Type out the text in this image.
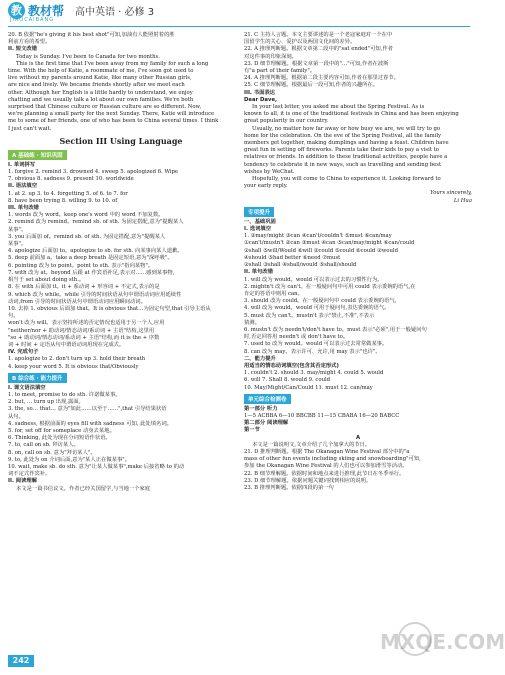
教 教材帮 高中英语 · 必修 3
JIAOCAIBANG
20. B 依据"he's giving it his best shot"可知,加油有人能照射着的胜
利前方看的希望。
II. 短文改错
Today is Sunday. I've been to Canada for two months.
This is the first time that I've been away from my family for such a long
time. With the help of Katie, a roommate of me, I've soon got used to
live without my parents around Katie, like many other Russian girls,
are nice and lively. We became friends shortly after we meet each
other. Although her English is a little hardly to understand, we enjoy
chatting and we usually talk a lot about our own families. We're both
surprised that Chinese culture or Russian culture are so different. Now,
we're planning a small party for the next Sunday. There, Katie will introduce
me to some of her friends, one of who has been to China several times. I think
I just can't wait.
Section III Using Language
A 基础练 · 知识巩固
I. 单词拼写
1. forgive 2. remind 3. drowned 4. sweep 5. apologized 6. Wipe
7. obvious 8. sadness 9. present 10. worldwide
II. 语法填空
1. at 2. up 3. to 4. forgetting 5. of 6. to 7. for
8. have been trying 8. willing 9. to 10. of
III. 单句改错
1. words 改为 word。keep one's word 中的 word 不加复数。
2. remind 改为 remind。remind sb. of sth. 为固定搭配,意为"提醒某人
某事"。
3. you 后面加 of。remind sb. of sth. 为固定搭配,意为"提醒某人
某事"。
4. apologize 后面加 to。apologize to sb. for sth. 向某事向某人道歉。
5. deep 前面加 a。take a deep breath 是固定短语,意为"深呼吸"。
6. pointing 改为 to point。point to sth. 表示"指向某物"。
7. with 改为 at。beyond 后跟 at 作宾语补足,表示对……感到某事物,
相当于 set about doing sth.。
8. 在 with 后面加 it。it + 系动词 + 形容词 + 不定式,表示的是
9. which 改为 while。while 引导的时间状语从句中谓语动词应用延续性
动词,from 引导的时间状语从句中谓语动词应用瞬间动词。
10. 去掉 1. obvious 后面加 that。It is obvious that…为固定句型,that 引导主语从
句。
won't 改为 will。表示坚持所述的否定情况也适用于另一个人,应用
"neither/nor + 助动词/情态动词/系动词 + 主语"结构,这里用
"so + 助动词/情态动词/系动词 + 主语"结构,而 it is the + 序数
词 + 时间 + 定语从句中谓语动词用现在完成式。
IV. 完成句子
1. apologize to 2. don't turn up 3. hold their breath
4. keep your word 5. It is obvious that/Obviously
B 综合练 · 能力提升
I. 课文语法填空
1. to meet, promise to do sth. 许诺做某事。
2. but, … turn up 出现,露面。
3. the, so… that… 意为"如此……以至于……",that 引导结果状语
从句。
4. sadness, 根据前面的 eyes fill with sadness 可知, 此处填名词。
5. for, set off for someplace 动身去某地。
6. Thinking, 此处为现在分词短语作状语。
7. to, call on sb. 拜访某人。
8. on, call on sb. 意为"拜访某人"。
9. to, 此处为 on 介词后面,意为"某人正在做某事"。
10. wait, make sb. do sth. 意为"让某人做某事",make 后接省略 to 的动
词不定式作宾补。
II. 阅读理解
本文是一篇书信议文。作者已经关国留学,与当地一个家庭
21. C 主持人言题。本文主要讲述的是一个老寇家庭对一个在中
国留学生的关心、爱护以及两国文化间的差异。
22. A 推理判断题。根据文章第二段中的"sat ended"可知,作者
对这件事的印象深刻。
23. D 细节理解题。根据文章第一段中的"…"可知,作者在波斯
有"a part of their family"。
24. A 推理判断题。根据第二段主要内容可知,作者在那里过春节。
25. C 细节理解题。根据最后一段可知,作者的兴趣所在。
III. 书面表达
Dear Dave,
In your last letter, you asked me about the Spring Festival. As is
known to all, it is one of the traditional festivals in China and has been enjoying
great popularity in our country.
Usually, no matter how far away or how busy we are, we will try to go
home for the celebration. On the eve of the Spring Festival, all the family
members get together, making dumplings and having a feast. Children have
great fun in setting off fireworks. Parents take their kids to pay a visit to
relatives or friends. In addition to these traditional activities, people have a
tendency to celebrate it in new ways, such as travelling and sending best
wishes by WeChat.
Hopefully, you will come to China to experience it. Looking forward to
your early reply.
Yours sincerely,
Li Hua
专项提升
一、基础巩固
I. 选词填空
1. ②may/might ③can ④can't/couldn't ⑤must ⑥can/may
①can't/mustn't ②can ③must ④can ⑤can/may/might ⑥can/could
②shall ⑤will/Would ⑥will ②could ⑤could ⑥could ②would
④should ⑤had better ⑥need ⑦must
②shall ③shall ④shall/would ⑤shall/should
II. 单句改错
1. will 改为 would。would 可以表示过去的习惯性行为。
2. mightn't 改为 can't。在一般疑问句中可用 could 表示委婉的语气,在
肯定的答语中则用 can。
3. should 改为 could。在一般疑问句中 could 表示委婉的语气,
4. will 改为 would。would 可用于疑问句,表达委婉的语气。
5. must 改为 can't。mustn't 表示"禁止,不准",不表示
猜测。
6. mustn't 改为 needn't/don't have to。must 表示"必须",用于一般疑问句
时,否定回答用 needn't 或 don't have to。
7. used to 改为 would。would 可以表示过去常常做某事。
8. can 改为 may。表示许可、允许,用 may 表示"也许"。
二、能力提升
用适当的情态动词填空(包含其否定形式)
1. couldn't 2. should 3. may/might 4. could 5. would
6. will 7. Shall 8. would 9. could
10. May/Might/Can/Could 11. must 12. can/may
单元综合检测卷
第一部分 听力
1—5 ACBBA 6—10 BBCBB 11—15 CBABA 16—20 BABCC
第二部分 阅读理解
第一节
A
本文是一篇说明文,文章介绍了几个加拿大的节日。
21. D 推理判断题。根据 The Okanagan Wine Festival 部分中的"a
mass of other fun events including skiing and snowboarding"可知,
参加 the Okanagan Wine Festival 的人们也可以参加滑雪等活动。
22. B 细节理解题。依据时间和地点来进行推理,此节日在冬季举行。
23. D 细节理解题。依据问题关键词找到相应的说明。
23. B 推理判断题。依据四段的第一句
242
MXQE.COM
